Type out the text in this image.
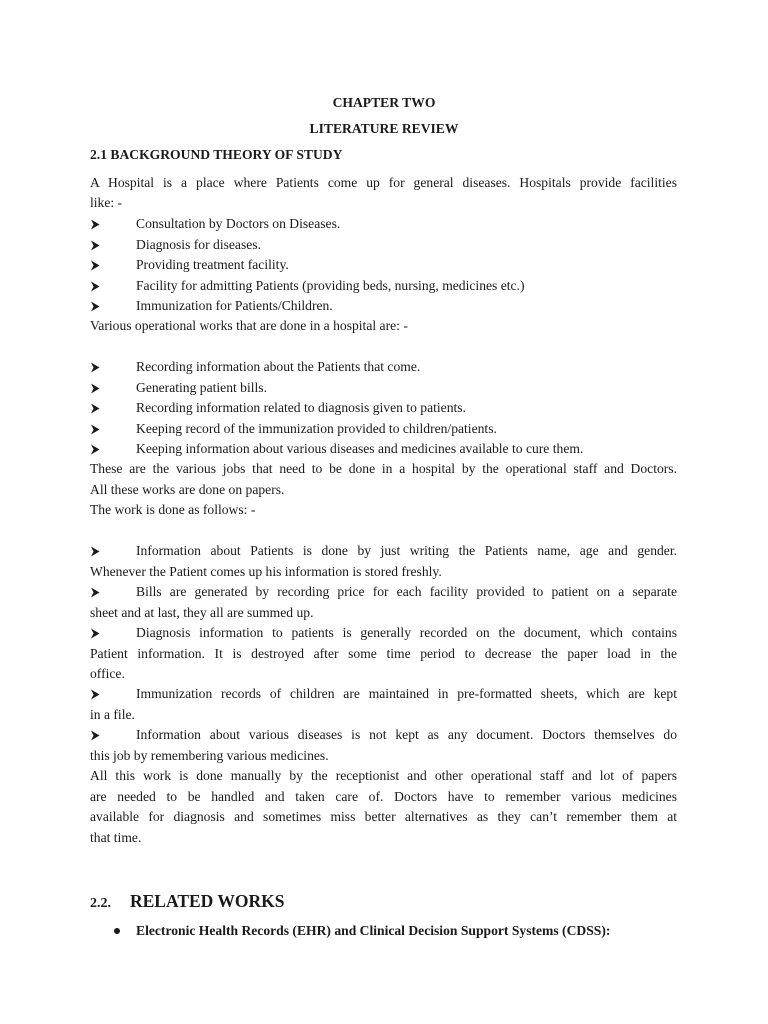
CHAPTER TWO
LITERATURE REVIEW
2.1 BACKGROUND THEORY OF STUDY
A Hospital is a place where Patients come up for general diseases. Hospitals provide facilities
like: -
Consultation by Doctors on Diseases.
Diagnosis for diseases.
Providing treatment facility.
Facility for admitting Patients (providing beds, nursing, medicines etc.)
Immunization for Patients/Children.
Various operational works that are done in a hospital are: -
Recording information about the Patients that come.
Generating patient bills.
Recording information related to diagnosis given to patients.
Keeping record of the immunization provided to children/patients.
Keeping information about various diseases and medicines available to cure them.
These are the various jobs that need to be done in a hospital by the operational staff and Doctors.
All these works are done on papers.
The work is done as follows: -
Information about Patients is done by just writing the Patients name, age and gender.
Whenever the Patient comes up his information is stored freshly.
Bills are generated by recording price for each facility provided to patient on a separate
sheet and at last, they all are summed up.
Diagnosis information to patients is generally recorded on the document, which contains
Patient information. It is destroyed after some time period to decrease the paper load in the
office.
Immunization records of children are maintained in pre-formatted sheets, which are kept
in a file.
Information about various diseases is not kept as any document. Doctors themselves do
this job by remembering various medicines.
All this work is done manually by the receptionist and other operational staff and lot of papers
are needed to be handled and taken care of. Doctors have to remember various medicines
available for diagnosis and sometimes miss better alternatives as they can’t remember them at
that time.
2.2. RELATED WORKS
Electronic Health Records (EHR) and Clinical Decision Support Systems (CDSS):
